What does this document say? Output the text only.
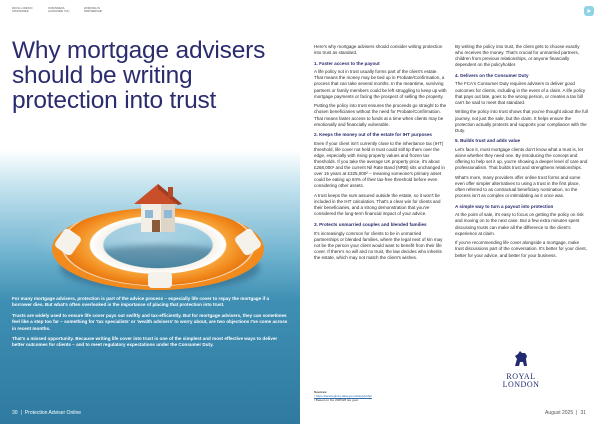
ROYAL LONDON SPONSORED
IN BUSINESS ALONGSIDE YOU
WORKING IN PARTNERSHIP
Why mortgage advisers should be writing protection into trust

For many mortgage advisers, protection is part of the advice process – especially life cover to repay the mortgage if a borrower dies. But what's often overlooked is the importance of placing that protection into trust.

Trusts are widely used to ensure life cover pays out swiftly and tax-efficiently. But for mortgage advisers, they can sometimes feel like a step too far – something for 'tax specialists' or 'wealth advisers' to worry about, are two objections I've come across in recent months.

That's a missed opportunity. Because writing life cover into trust is one of the simplest and most effective ways to deliver better outcomes for clients – and to meet regulatory expectations under the Consumer Duty.

30 | Protection Adviser Online

Here's why mortgage advisers should consider writing protection into trust as standard.

1. Faster access to the payout

A life policy not in trust usually forms part of the client's estate. That means the money may be tied up in Probate/Confirmation, a process that can take several months. In the meantime, surviving partners or family members could be left struggling to keep up with mortgage payments or facing the prospect of selling the property.

Putting the policy into trust ensures the proceeds go straight to the chosen beneficiaries without the need for Probate/Confirmation. That means faster access to funds at a time when clients may be emotionally and financially vulnerable.

2. Keeps the money out of the estate for IHT purposes

Even if your client isn't currently close to the inheritance tax (IHT) threshold, life cover not held in trust could still tip them over the edge, especially with rising property values and frozen tax thresholds. If you take the average UK property price, it's about £268,000¹ and the current Nil Rate Band (NRB) sits unchanged in over 15 years at £325,000² – meaning someone's primary asset could be eating up 84% of their tax-free threshold before even considering other assets.

A trust keeps the sum assured outside the estate, so it won't be included in the IHT calculation. That's a clear win for clients and their beneficiaries, and a strong demonstration that you've considered the long-term financial impact of your advice.

3. Protects unmarried couples and blended families

It's increasingly common for clients to be in unmarried partnerships or blended families, where the legal next of kin may not be the person your client would want to benefit from their life cover. If there's no will and no trust, the law decides who inherits the estate, which may not match the client's wishes.

By writing the policy into trust, the client gets to choose exactly who receives the money. That's crucial for unmarried partners, children from previous relationships, or anyone financially dependent on the policyholder.

4. Delivers on the Consumer Duty

The FCA's Consumer Duty requires advisers to deliver good outcomes for clients, including in the event of a claim. A life policy that pays out late, goes to the wrong person, or creates a tax bill can't be said to meet that standard.

Writing the policy into trust shows that you've thought about the full journey, not just the sale, but the claim. It helps ensure the protection actually protects and supports your compliance with the Duty.

5. Builds trust and adds value

Let's face it, most mortgage clients don't know what a trust is, let alone whether they need one. By introducing the concept and offering to help set it up, you're showing a deeper level of care and professionalism. That builds trust and strengthens relationships.

What's more, many providers offer online trust forms and some even offer simpler alternatives to using a trust in the first place, often referred to as contractual beneficiary nomination, so the process isn't as complex or intimidating as it once was.

A simple way to turn a payout into protection

At the point of sale, it's easy to focus on getting the policy on risk and moving on to the next case. But a few extra minutes spent discussing trusts can make all the difference to the client's experience at claim.

If you're recommending life cover alongside a mortgage, make trust discussions part of the conversation. It's better for your client, better for your advice, and better for your business.

Sources:
¹ https://landregistry.data.gov.uk/app/ukhpi
² Based on the 2025/26 tax year.
ROYAL
LONDON
August 2025 | 31
